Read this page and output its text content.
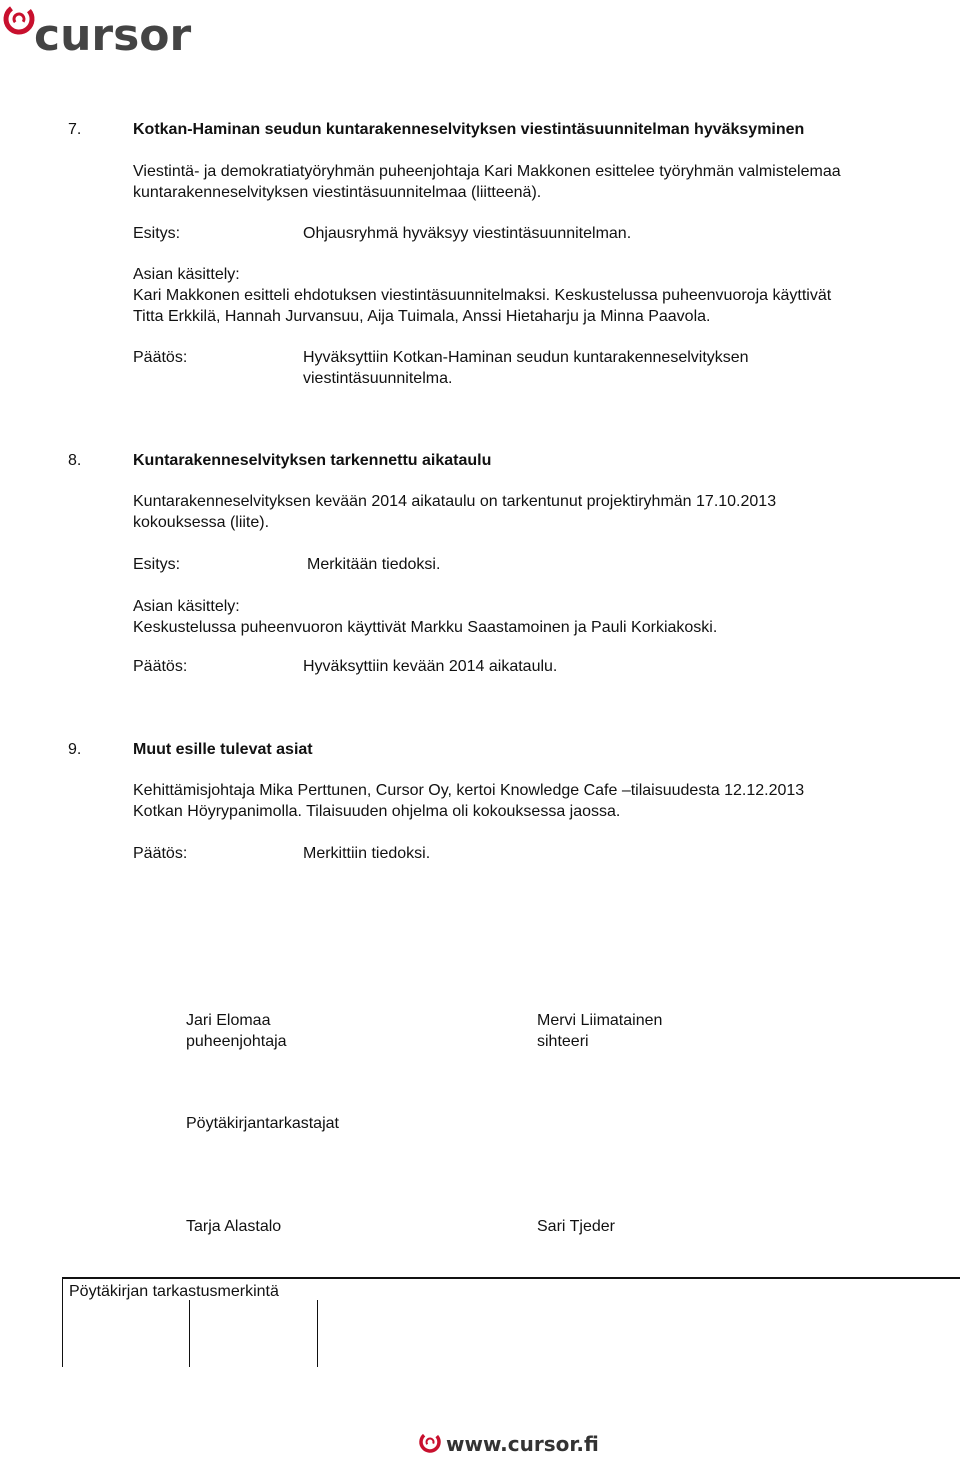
cursor
7.	Kotkan-Haminan seudun kuntarakenneselvityksen viestintäsuunnitelman hyväksyminen
Viestintä- ja demokratiatyöryhmän puheenjohtaja Kari Makkonen esittelee työryhmän valmistelemaa
kuntarakenneselvityksen viestintäsuunnitelmaa (liitteenä).
Esitys:	Ohjausryhmä hyväksyy viestintäsuunnitelman.
Asian käsittely:
Kari Makkonen esitteli ehdotuksen viestintäsuunnitelmaksi. Keskustelussa puheenvuoroja käyttivät
Titta Erkkilä, Hannah Jurvansuu, Aija Tuimala, Anssi Hietaharju ja Minna Paavola.
Päätös:	Hyväksyttiin Kotkan-Haminan seudun kuntarakenneselvityksen
viestintäsuunnitelma.
8.	Kuntarakenneselvityksen tarkennettu aikataulu
Kuntarakenneselvityksen kevään 2014 aikataulu on tarkentunut projektiryhmän 17.10.2013
kokouksessa (liite).
Esitys:	Merkitään tiedoksi.
Asian käsittely:
Keskustelussa puheenvuoron käyttivät Markku Saastamoinen ja Pauli Korkiakoski.
Päätös:	Hyväksyttiin kevään 2014 aikataulu.
9.	Muut esille tulevat asiat
Kehittämisjohtaja Mika Perttunen, Cursor Oy, kertoi Knowledge Cafe –tilaisuudesta 12.12.2013
Kotkan Höyrypanimolla. Tilaisuuden ohjelma oli kokouksessa jaossa.
Päätös:	Merkittiin tiedoksi.
Jari Elomaa
puheenjohtaja
Mervi Liimatainen
sihteeri
Pöytäkirjantarkastajat
Tarja Alastalo	Sari Tjeder
Pöytäkirjan tarkastusmerkintä
www.cursor.fi
